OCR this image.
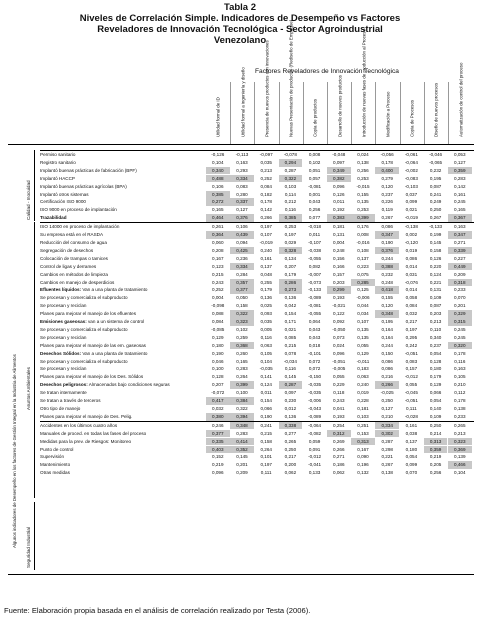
Tabla 2
Niveles de Correlación Simple. Indicadores de Desempeño vs Factores
Reveladores de Innovación Tecnológica - Sector Agroindustrial
Venezolano
Factores Reveladores de Innovación Tecnológica
Utilidad formal de ID	Utilidad formal a ingeniería y diseño	Presencia de nuevos productos con innovaciones	Nuevas Presentación de productos (Rediseño de Empaque)	Copia de productos	Desarrollo de nuevos productos	Introducción de nuevas fases de producción al Proceso	Modificación a Proceso	Copia de Procesos	Diseño de nuevos procesos	Automatización de control del proceso
Calidad - Inocuidad
Algunos indicadores de Desempeño en los factores de Gestión Integral en la Industria de Alimentos Asuntos Ambientales
Seguridad Industrial
Permiso sanitario	-0,126	-0,113	-0,097	-0,078	0,008	-0,048	0,024	-0,056	-0,061	-0,046	0,053
Registro sanitario	0,104	0,163	0,035	0,294	0,102	0,097	0,138	0,178	-0,064	-0,065	0,127
Implantó buenas prácticas de fabricación (BPF)	0,340	0,293	0,213	0,287	0,051	0,349	0,256	0,400	-0,002	0,232	0,359
Implantó HACCP	0,488	0,334	0,252	0,322	0,057	0,382	0,253	0,279	-0,083	0,195	0,283
Implantó buenas prácticas agrícolas (BPA)	0,106	0,083	0,084	0,103	-0,081	0,096	-0,015	0,120	-0,103	0,087	0,142
Implantó otros sistemas	0,385	0,280	0,182	0,114	0,001	0,126	0,155	0,237	0,037	0,241	0,161
Certificación ISO 9000	0,272	0,337	0,178	0,212	0,043	0,011	0,135	0,226	0,099	0,249	0,245
ISO 9000 en proceso de implantación	0,165	0,127	0,142	0,116	0,256	0,192	0,253	0,119	0,021	0,250	0,165
Trazabilidad	0,464	0,376	0,266	0,385	0,077	0,383	0,399	0,267	-0,019	0,267	0,367
ISO 14000 en proceso de implantación	0,261	0,106	0,197	0,253	-0,018	0,181	0,176	0,086	-0,138	-0,133	0,163
Su empresa está en el RASDA	0,364	0,439	0,107	0,197	0,011	0,131	0,008	0,347	0,002	0,199	0,347
Reducción del consumo de agua	0,060	0,094	-0,019	0,029	-0,107	0,004	-0,016	0,190	-0,120	0,145	0,271
Segregación de desechos	0,208	0,425	0,240	0,328	-0,038	0,248	0,108	0,376	0,019	0,158	0,339
Colocación de trampas o tamices	0,167	0,236	0,161	0,134	-0,055	0,156	0,137	0,244	0,086	0,126	0,227
Control de ligas y derrames	0,123	0,334	0,137	0,207	0,082	0,166	0,223	0,388	0,014	0,220	0,449
Cambios en métodos de limpieza	0,215	0,284	0,048	0,179	-0,007	0,157	0,075	0,232	0,031	0,124	0,209
Cambios en manejo de desperdicios	0,243	0,357	0,255	0,286	-0,073	0,203	0,285	0,248	-0,076	0,221	0,318
Efluentes líquidos: Van a una planta de tratamiento	0,252	0,377	0,179	0,273	-0,133	0,299	0,125	0,418	0,014	0,131	0,233
Se procesan y comercializa el subproducto	0,004	0,050	0,136	0,136	-0,089	0,193	-0,006	0,155	0,058	0,109	0,070
Se procesan y reciclan	-0,098	0,158	0,025	0,042	-0,081	-0,021	0,044	0,120	0,084	0,087	0,201
Planes para mejorar el manejo de los efluentes	0,088	0,322	0,093	0,154	-0,055	0,122	0,034	0,348	0,032	0,203	0,329
Emisiones gaseosas: van a un sistema de control	0,084	0,323	0,035	0,171	0,064	0,092	0,107	0,195	0,217	0,213	0,315
Se procesan y comercializa el subproducto	-0,085	0,102	0,005	0,021	0,043	-0,050	0,135	0,164	0,197	0,110	0,245
Se procesan y reciclan	0,129	0,259	0,116	0,085	0,043	0,073	0,135	0,164	0,295	0,340	0,245
Planes para mejorar el manejo de las em. gaseosas	0,180	0,368	0,063	0,215	0,018	0,024	0,055	0,244	0,242	0,237	0,320
Desechos Sólidos: Van a una planta de tratamiento	0,190	0,260	0,105	0,078	-0,101	0,096	0,129	0,150	-0,051	0,054	0,178
Se procesan y comercializa el subproducto	0,046	0,165	0,104	-0,034	0,072	-0,051	-0,011	0,086	0,083	0,128	0,116
Se procesan y reciclan	0,100	0,283	-0,035	0,116	0,072	-0,005	0,183	0,086	0,157	0,180	0,163
Planes para mejorar el manejo de los Des. Sólidos	0,128	0,264	0,141	0,145	-0,150	0,055	0,063	0,216	-0,012	0,179	0,105
Desechos peligrosos: Almacenados bajo condiciones seguras	0,207	0,399	0,124	0,287	-0,035	0,229	0,240	0,266	0,055	0,129	0,210
Se tratan internamente	-0,072	0,100	0,011	0,097	-0,035	0,118	0,019	-0,025	-0,045	0,066	0,112
Se tratan a través de terceros	0,417	0,384	0,154	0,230	-0,006	0,243	0,228	0,250	-0,051	0,054	0,178
Otro tipo de manejo	0,032	0,322	0,066	0,012	-0,043	0,041	0,181	0,127	0,111	0,140	0,138
Planes para mejorar el manejo de Des. Pelig.	0,380	0,394	0,190	0,136	-0,089	0,193	0,103	0,210	-0,028	0,109	0,233
Accidentes en los últimos cuatro años	0,246	0,348	0,241	0,338	-0,064	0,254	0,251	0,334	0,161	0,250	0,265
Manuales de proced. en todas las fases del proceso	0,377	0,283	0,215	0,277	-0,082	0,312	0,153	0,302	0,038	0,214	0,213
Medidas para la prev. de Riesgos: Monitoreo	0,335	0,414	0,158	0,265	0,059	0,269	0,313	0,287	0,137	0,313	0,323
Punto de control	0,403	0,352	0,264	0,250	0,091	0,266	0,167	0,298	0,180	0,359	0,369
Supervisión	0,152	0,145	0,101	0,217	-0,012	0,271	0,090	0,221	0,054	0,219	0,139
Mantenimiento	0,219	0,201	0,197	0,200	-0,041	0,186	0,196	0,267	0,099	0,205	0,466
Otras medidas	0,096	0,209	0,111	0,062	0,133	0,062	0,132	0,138	0,070	0,256	0,104
Fuente: Elaboración propia basada en el análisis de correlación realizado por Testa (2006).
